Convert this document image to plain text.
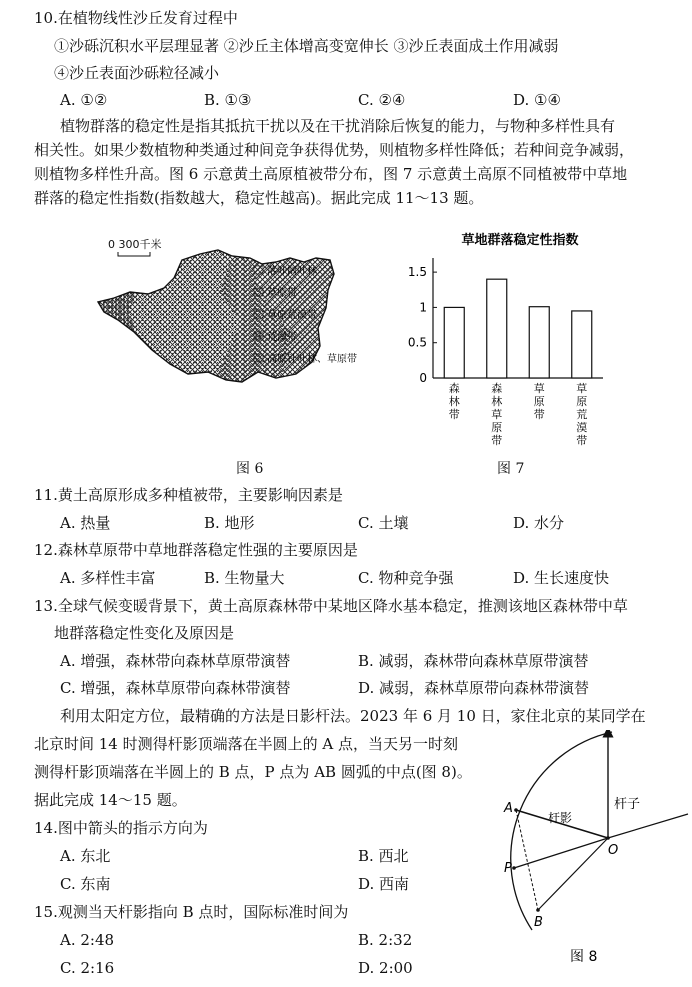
10.在植物线性沙丘发育过程中
①沙砾沉积水平层理显著 ②沙丘主体增高变宽伸长 ③沙丘表面成土作用减弱
④沙丘表面沙砾粒径减小
A. ①②	B. ①③	C. ②④	D. ①④

植物群落的稳定性是指其抵抗干扰以及在干扰消除后恢复的能力，与物种多样性具有

相关性。如果少数植物种类通过种间竞争获得优势，则植物多样性降低；若种间竞争减弱，

则植物多样性升高。图 6 示意黄土高原植被带分布，图 7 示意黄土高原不同植被带中草地

群落的稳定性指数(指数越大，稳定性越高)。据此完成 11～13 题。

0 300千米
落叶阔叶林
草原带
草原荒漠带
荒漠带
高原针叶林、草原带
图 6
草地群落稳定性指数
0
0.5
1
1.5
森
林
带
森
林
草
原
带
草
原
带
草
原
荒
漠
带
图 7
11.黄土高原形成多种植被带，主要影响因素是
A. 热量	B. 地形	C. 土壤	D. 水分
12.森林草原带中草地群落稳定性强的主要原因是
A. 多样性丰富	B. 生物量大	C. 物种竞争强	D. 生长速度快
13.全球气候变暖背景下，黄土高原森林带中某地区降水基本稳定，推测该地区森林带中草
地群落稳定性变化及原因是
A. 增强，森林带向森林草原带演替	B. 减弱，森林带向森林草原带演替
C. 增强，森林草原带向森林带演替	D. 减弱，森林草原带向森林带演替
利用太阳定方位，最精确的方法是日影杆法。2023 年 6 月 10 日，家住北京的某同学在
北京时间 14 时测得杆影顶端落在半圆上的 A 点，当天另一时刻
测得杆影顶端落在半圆上的 B 点，P 点为 AB 圆弧的中点(图 8)。
据此完成 14～15 题。
14.图中箭头的指示方向为
A. 东北	B. 西北
C. 东南	D. 西南
15.观测当天杆影指向 B 点时，国际标准时间为
A. 2:48	B. 2:32
C. 2:16	D. 2:00
杆子
杆影
A
P
B
O
图 8
